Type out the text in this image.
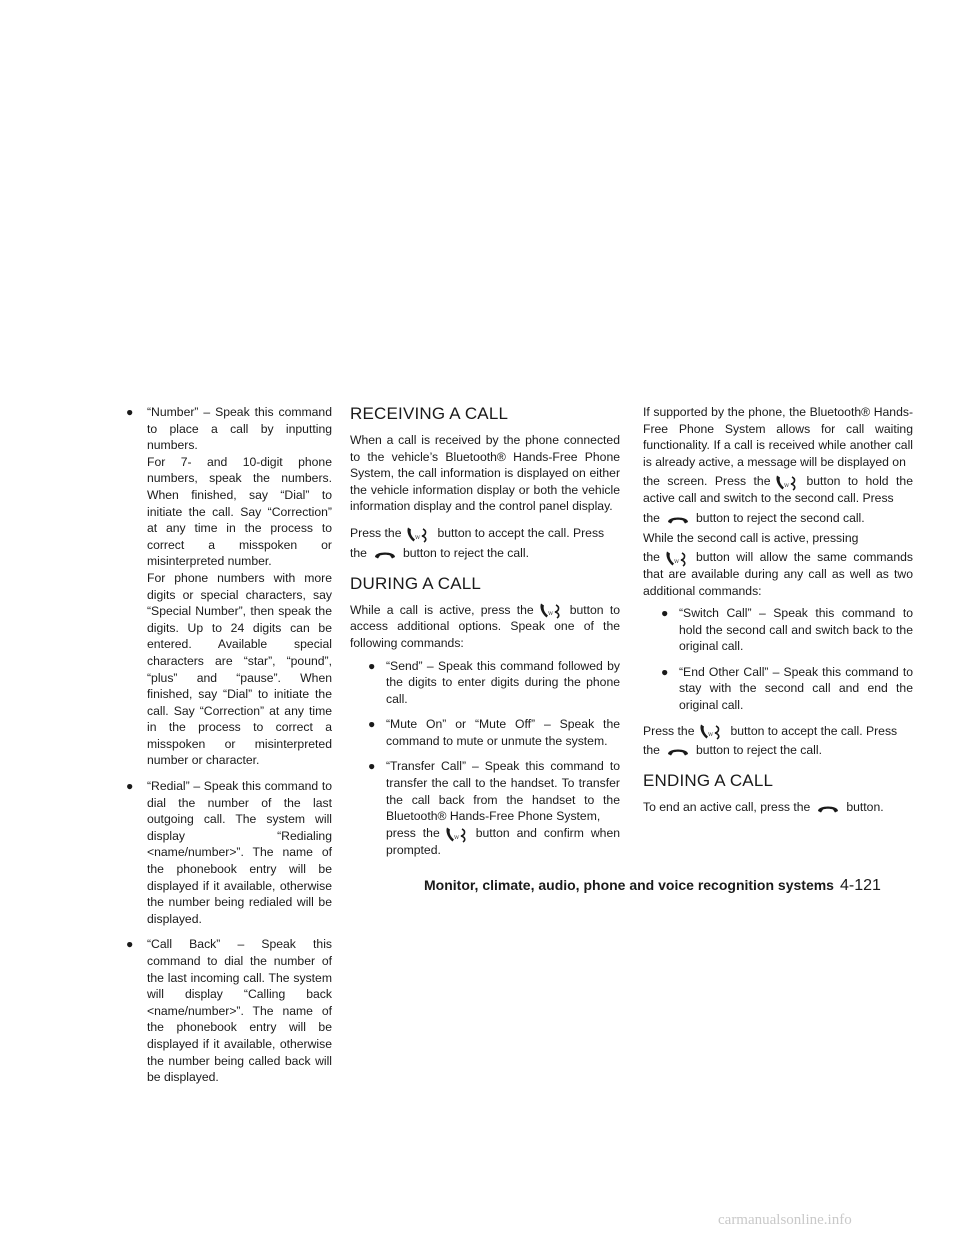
● “Number” – Speak this command to place a call by inputting numbers.

For 7- and 10-digit phone numbers, speak the numbers. When finished, say “Dial” to initiate the call. Say “Correction” at any time in the process to correct a misspoken or misinterpreted number.

For phone numbers with more digits or special characters, say “Special Number”, then speak the digits. Up to 24 digits can be entered. Available special characters are “star”, “pound”, “plus” and “pause”. When finished, say “Dial” to initiate the call. Say “Correction” at any time in the process to correct a misspoken or misinterpreted number or character.

● “Redial” – Speak this command to dial the number of the last outgoing call. The system will display “Redialing <name/number>”. The name of the phonebook entry will be displayed if it available, otherwise the number being redialed will be displayed.

● “Call Back” – Speak this command to dial the number of the last incoming call. The system will display “Calling back <name/number>”. The name of the phonebook entry will be displayed if it available, otherwise the number being called back will be displayed.

RECEIVING A CALL

When a call is received by the phone connected to the vehicle’s Bluetooth® Hands-Free Phone System, the call information is displayed on either the vehicle information display or both the vehicle information display and the control panel display.

Press the	button to accept the call. Press

the	button to reject the call.

DURING A CALL

While a call is active, press the	button to access additional options. Speak one of the following commands:

● “Send” – Speak this command followed by the digits to enter digits during the phone call.

● “Mute On” or “Mute Off” – Speak the command to mute or unmute the system.

● “Transfer Call” – Speak this command to transfer the call to the handset. To transfer the call back from the handset to the Bluetooth® Hands-Free Phone System,

press the	button and confirm when prompted.

If supported by the phone, the Bluetooth® Hands-Free Phone System allows for call waiting functionality. If a call is received while another call is already active, a message will be displayed on

the screen. Press the	button to hold the active call and switch to the second call. Press

the	button to reject the second call.

While the second call is active, pressing

the	button will allow the same commands that are available during any call as well as two additional commands:

● “Switch Call” – Speak this command to hold the second call and switch back to the original call.

● “End Other Call” – Speak this command to stay with the second call and end the original call.

Press the	button to accept the call. Press

the	button to reject the call.

ENDING A CALL

To end an active call, press the	button.

Monitor, climate, audio, phone and voice recognition systems 4-121
carmanualsonline.info
